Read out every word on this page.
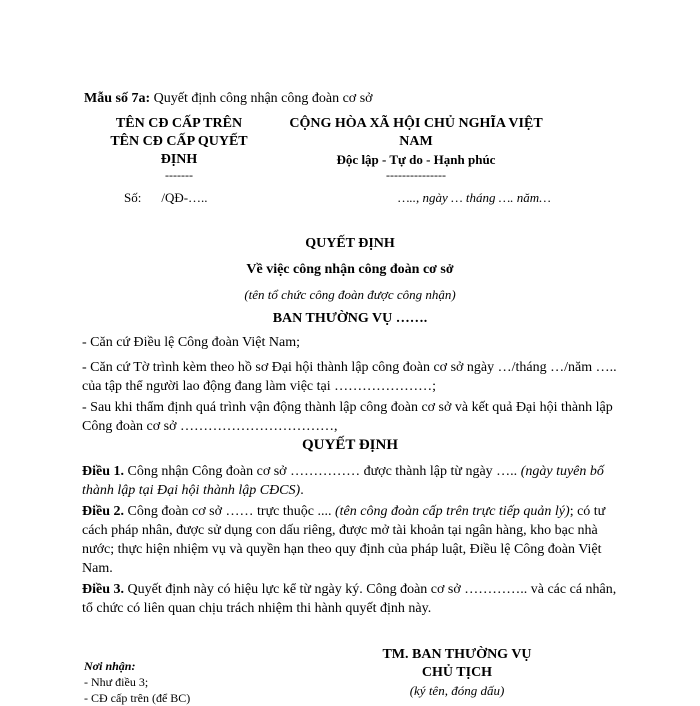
Mẫu số 7a: Quyết định công nhận công đoàn cơ sở
TÊN CĐ CẤP TRÊN
TÊN CĐ CẤP QUYẾT ĐỊNH
-------
CỘNG HÒA XÃ HỘI CHỦ NGHĨA VIỆT NAM
Độc lập - Tự do - Hạnh phúc
---------------
Số: /QĐ-…..	….., ngày … tháng …. năm…
QUYẾT ĐỊNH
Về việc công nhận công đoàn cơ sở
(tên tổ chức công đoàn được công nhận)
BAN THƯỜNG VỤ …….
- Căn cứ Điều lệ Công đoàn Việt Nam;
- Căn cứ Tờ trình kèm theo hồ sơ Đại hội thành lập công đoàn cơ sở ngày …/tháng …/năm ….. của tập thể người lao động đang làm việc tại …………………;
- Sau khi thẩm định quá trình vận động thành lập công đoàn cơ sở và kết quả Đại hội thành lập Công đoàn cơ sở ……………………………,
QUYẾT ĐỊNH
Điều 1. Công nhận Công đoàn cơ sở …………… được thành lập từ ngày ….. (ngày tuyên bố thành lập tại Đại hội thành lập CĐCS).
Điều 2. Công đoàn cơ sở …… trực thuộc .... (tên công đoàn cấp trên trực tiếp quản lý); có tư cách pháp nhân, được sử dụng con dấu riêng, được mở tài khoản tại ngân hàng, kho bạc nhà nước; thực hiện nhiệm vụ và quyền hạn theo quy định của pháp luật, Điều lệ Công đoàn Việt Nam.
Điều 3. Quyết định này có hiệu lực kể từ ngày ký. Công đoàn cơ sở ………….. và các cá nhân, tổ chức có liên quan chịu trách nhiệm thi hành quyết định này.
Nơi nhận:
- Như điều 3;
- CĐ cấp trên (để BC)
TM. BAN THƯỜNG VỤ
CHỦ TỊCH
(ký tên, đóng dấu)
